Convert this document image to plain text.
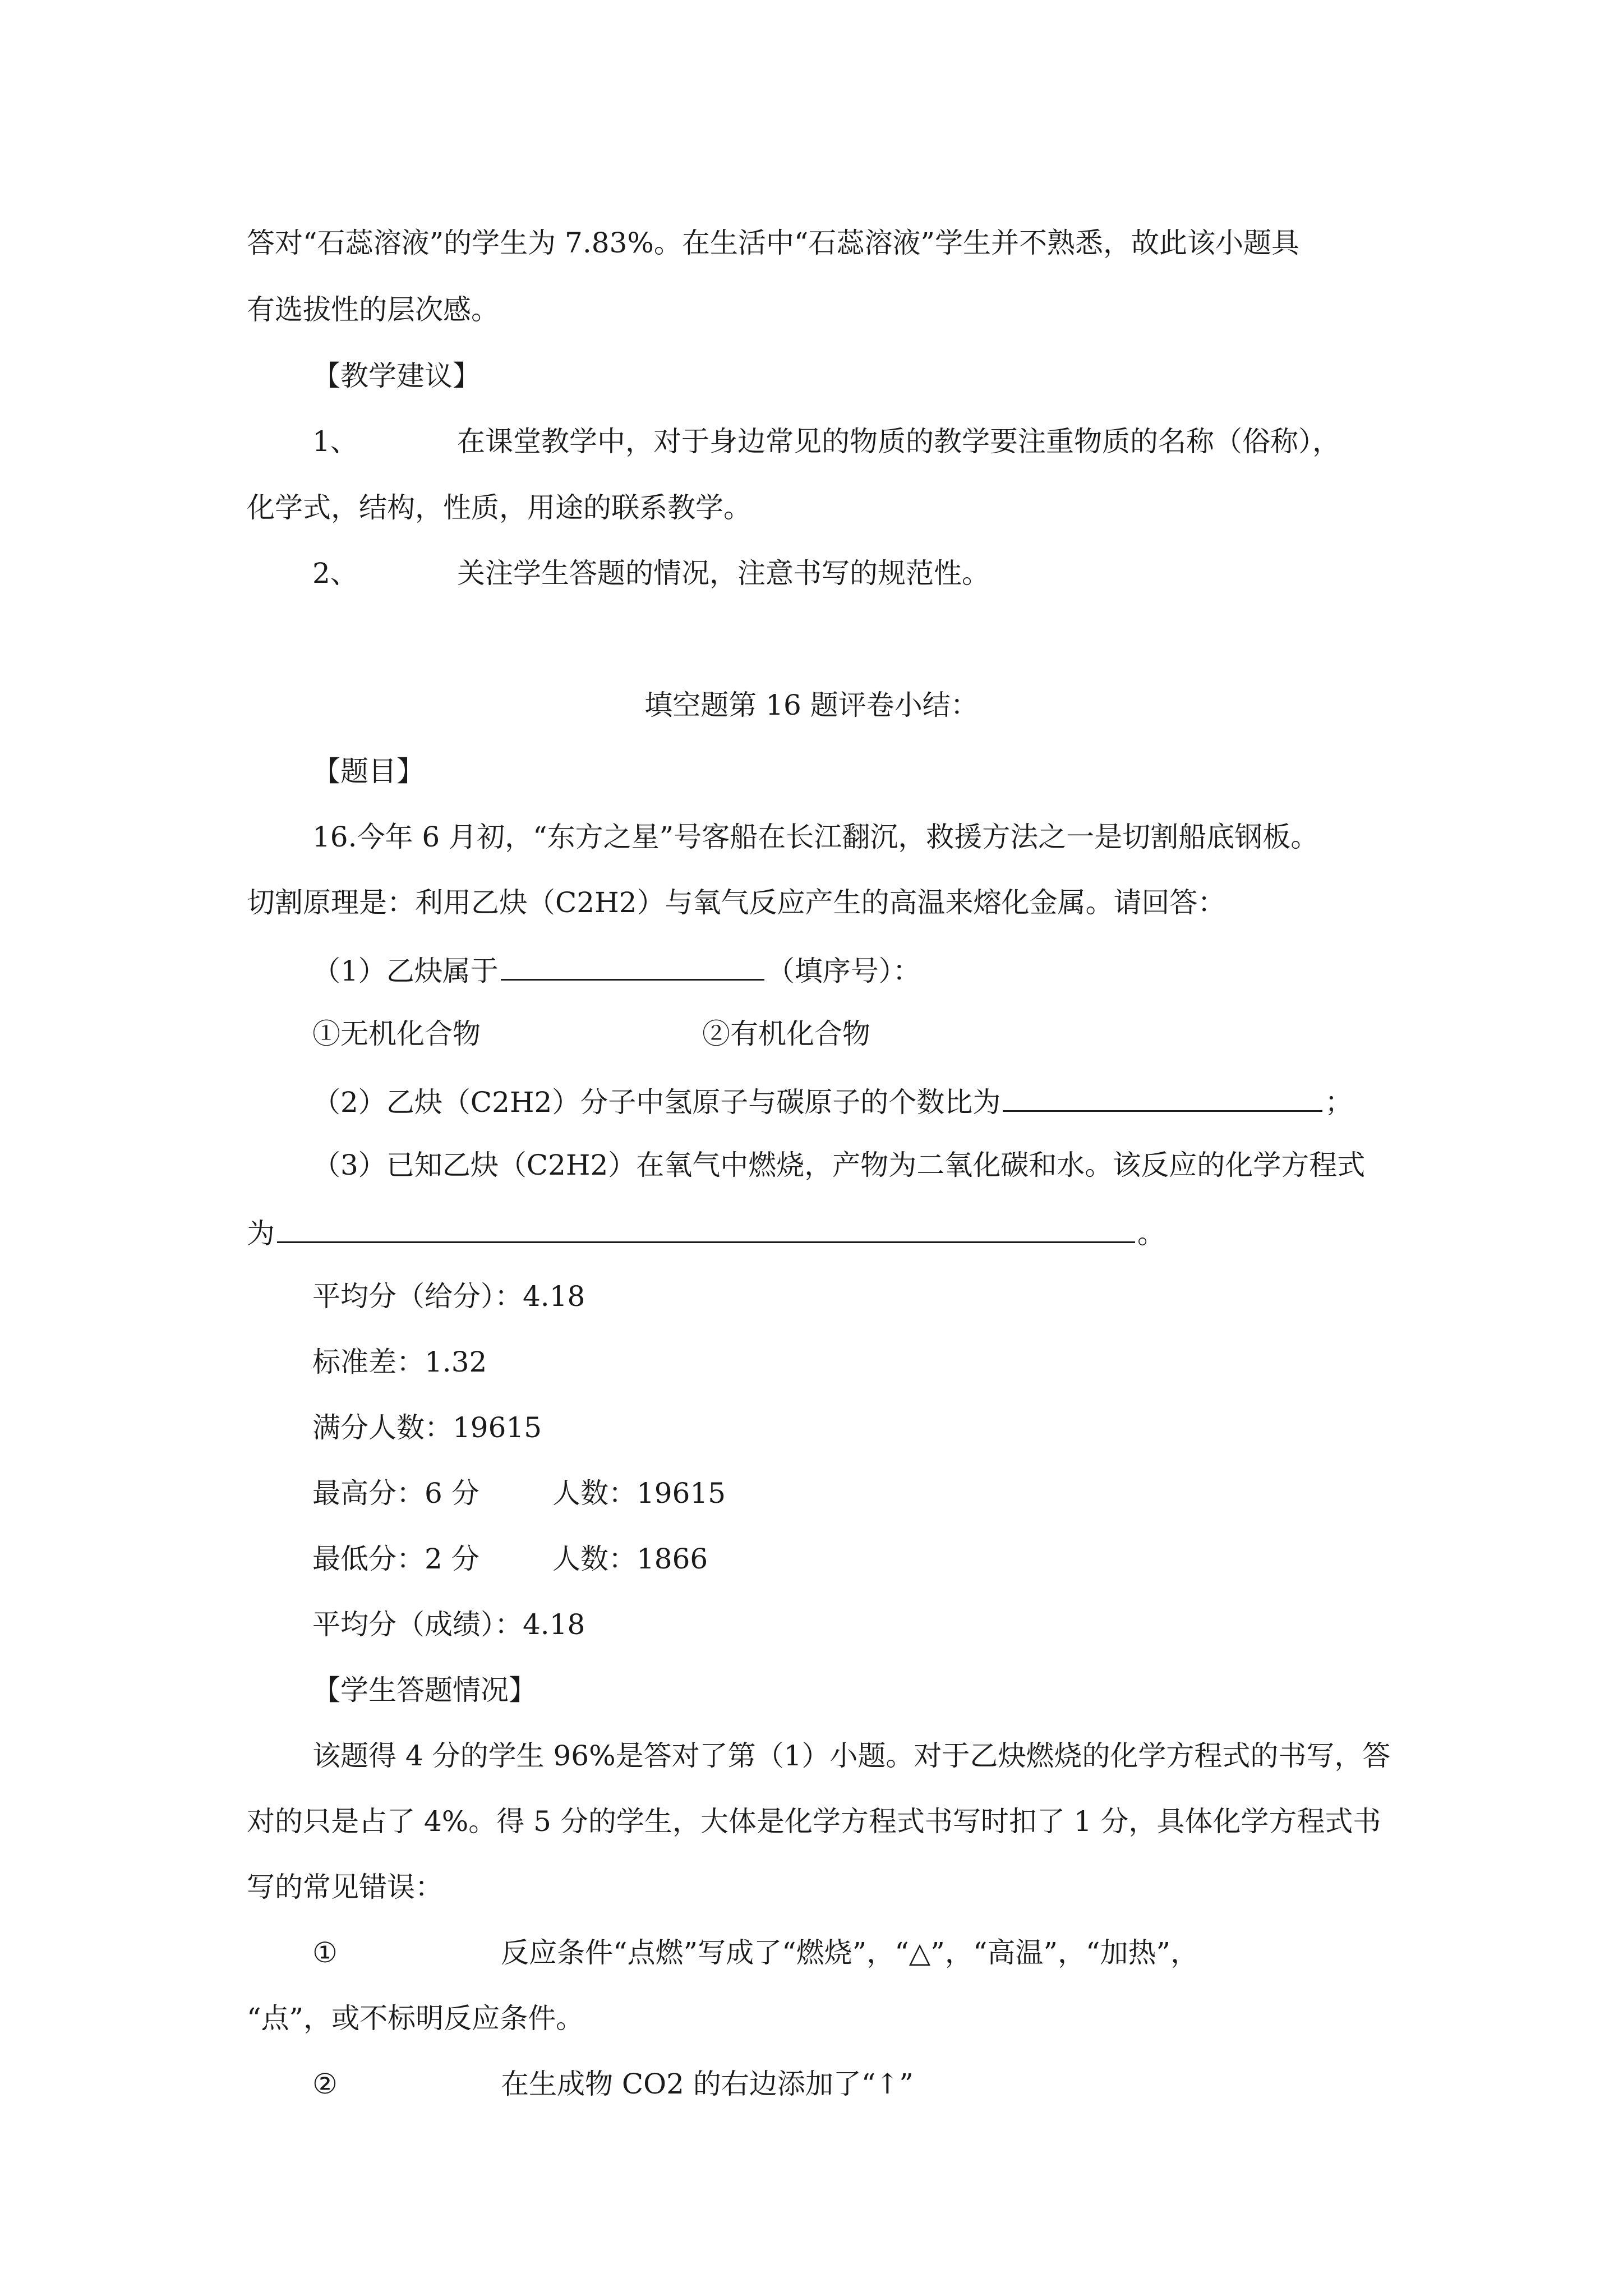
答对“石蕊溶液”的学生为 7.83%。在生活中“石蕊溶液”学生并不熟悉，故此该小题具
有选拔性的层次感。
【教学建议】
1、	在课堂教学中，对于身边常见的物质的教学要注重物质的名称（俗称），
化学式，结构，性质，用途的联系教学。
2、	关注学生答题的情况，注意书写的规范性。
填空题第 16 题评卷小结：
【题目】
16.今年 6 月初，“东方之星”号客船在长江翻沉，救援方法之一是切割船底钢板。
切割原理是：利用乙炔（C2H2）与氧气反应产生的高温来熔化金属。请回答：
（1）乙炔属于	（填序号）：
①无机化合物	②有机化合物
（2）乙炔（C2H2）分子中氢原子与碳原子的个数比为	；
（3）已知乙炔（C2H2）在氧气中燃烧，产物为二氧化碳和水。该反应的化学方程式
为	。
平均分（给分）：4.18
标准差：1.32
满分人数：19615
最高分：6 分	人数：19615
最低分：2 分	人数：1866
平均分（成绩）：4.18
【学生答题情况】
该题得 4 分的学生 96%是答对了第（1）小题。对于乙炔燃烧的化学方程式的书写，答
对的只是占了 4%。得 5 分的学生，大体是化学方程式书写时扣了 1 分，具体化学方程式书
写的常见错误：
①	反应条件“点燃”写成了“燃烧”，“△”，“高温”，“加热”，
“点”，或不标明反应条件。
②	在生成物 CO2 的右边添加了“↑”
